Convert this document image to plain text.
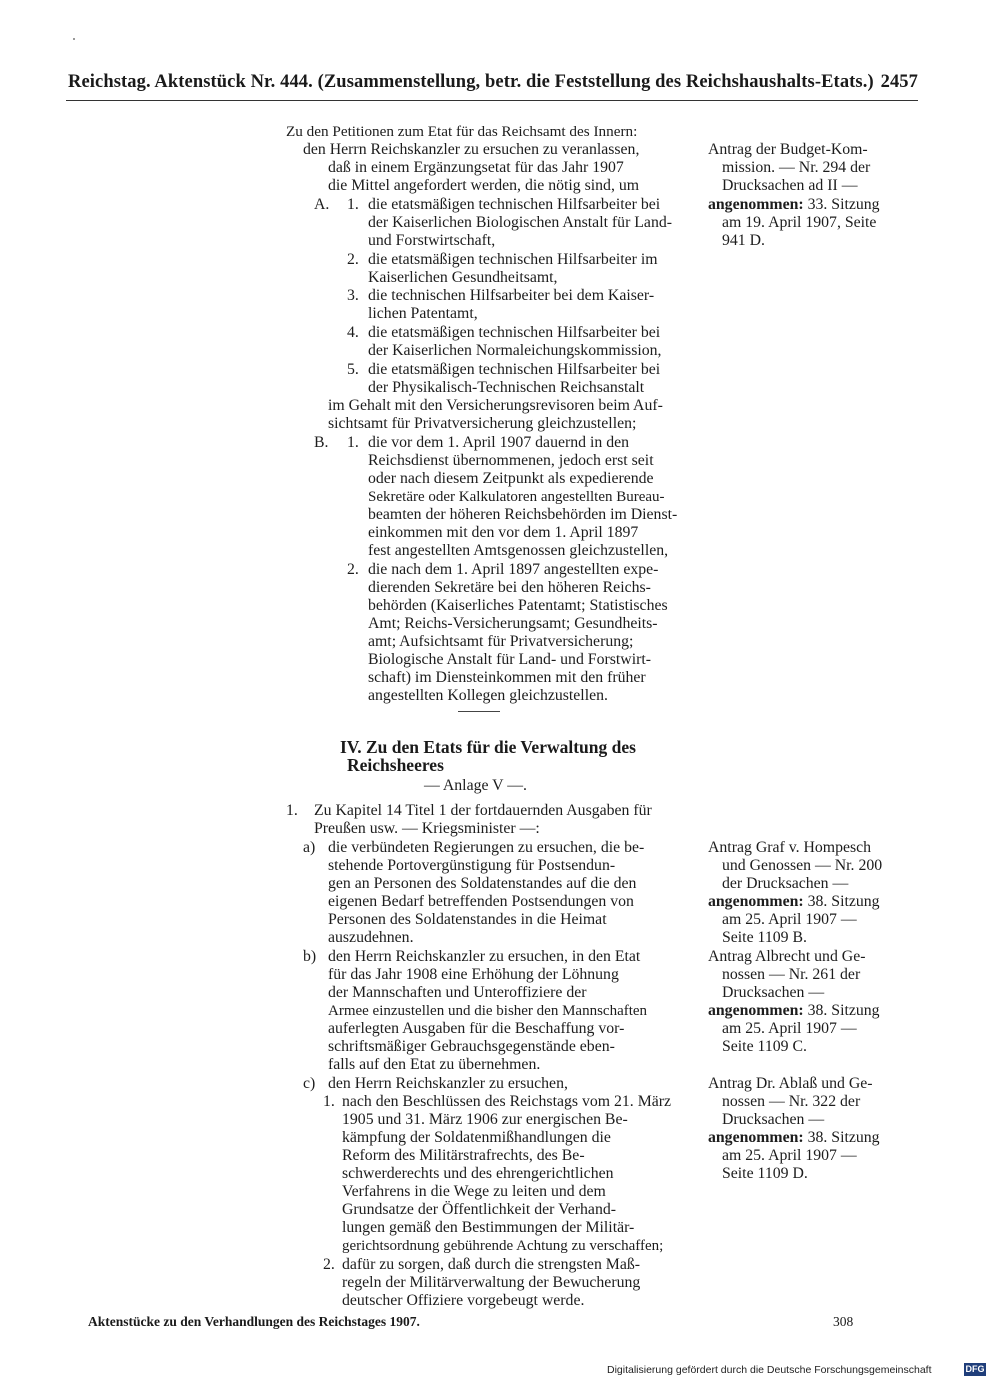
Reichstag. Aktenstück Nr. 444. (Zusammenstellung, betr. die Feststellung des Reichshaushalts-Etats.) 2457
Zu den Petitionen zum Etat für das Reichsamt des Innern:
den Herrn Reichskanzler zu ersuchen zu veranlassen,
daß in einem Ergänzungsetat für das Jahr 1907
die Mittel angefordert werden, die nötig sind, um
A. 1. die etatsmäßigen technischen Hilfsarbeiter bei
der Kaiserlichen Biologischen Anstalt für Land-
und Forstwirtschaft,
2. die etatsmäßigen technischen Hilfsarbeiter im
Kaiserlichen Gesundheitsamt,
3. die technischen Hilfsarbeiter bei dem Kaiser-
lichen Patentamt,
4. die etatsmäßigen technischen Hilfsarbeiter bei
der Kaiserlichen Normaleichungskommission,
5. die etatsmäßigen technischen Hilfsarbeiter bei
der Physikalisch-Technischen Reichsanstalt
im Gehalt mit den Versicherungsrevisoren beim Auf-
sichtsamt für Privatversicherung gleichzustellen;
B. 1. die vor dem 1. April 1907 dauernd in den
Reichsdienst übernommenen, jedoch erst seit
oder nach diesem Zeitpunkt als expedierende
Sekretäre oder Kalkulatoren angestellten Bureau-
beamten der höheren Reichsbehörden im Dienst-
einkommen mit den vor dem 1. April 1897
fest angestellten Amtsgenossen gleichzustellen,
2. die nach dem 1. April 1897 angestellten expe-
dierenden Sekretäre bei den höheren Reichs-
behörden (Kaiserliches Patentamt; Statistisches
Amt; Reichs-Versicherungsamt; Gesundheits-
amt; Aufsichtsamt für Privatversicherung;
Biologische Anstalt für Land- und Forstwirt-
schaft) im Diensteinkommen mit den früher
angestellten Kollegen gleichzustellen.
Antrag der Budget-Kom-
mission. — Nr. 294 der
Drucksachen ad II —
angenommen: 33. Sitzung
am 19. April 1907, Seite
941 D.
IV. Zu den Etats für die Verwaltung des
Reichsheeres
— Anlage V —.
1. Zu Kapitel 14 Titel 1 der fortdauernden Ausgaben für
Preußen usw. — Kriegsminister —:
a) die verbündeten Regierungen zu ersuchen, die be-
stehende Portovergünstigung für Postsendun-
gen an Personen des Soldatenstandes auf die den
eigenen Bedarf betreffenden Postsendungen von
Personen des Soldatenstandes in die Heimat
auszudehnen.
b) den Herrn Reichskanzler zu ersuchen, in den Etat
für das Jahr 1908 eine Erhöhung der Löhnung
der Mannschaften und Unteroffiziere der
Armee einzustellen und die bisher den Mannschaften
auferlegten Ausgaben für die Beschaffung vor-
schriftsmäßiger Gebrauchsgegenstände eben-
falls auf den Etat zu übernehmen.
c) den Herrn Reichskanzler zu ersuchen,
1. nach den Beschlüssen des Reichstags vom 21. März
1905 und 31. März 1906 zur energischen Be-
kämpfung der Soldatenmißhandlungen die
Reform des Militärstrafrechts, des Be-
schwerderechts und des ehrengerichtlichen
Verfahrens in die Wege zu leiten und dem
Grundsatze der Öffentlichkeit der Verhand-
lungen gemäß den Bestimmungen der Militär-
gerichtsordnung gebührende Achtung zu verschaffen;
2. dafür zu sorgen, daß durch die strengsten Maß-
regeln der Militärverwaltung der Bewucherung
deutscher Offiziere vorgebeugt werde.
Antrag Graf v. Hompesch
und Genossen — Nr. 200
der Drucksachen —
angenommen: 38. Sitzung
am 25. April 1907 —
Seite 1109 B.
Antrag Albrecht und Ge-
nossen — Nr. 261 der
Drucksachen —
angenommen: 38. Sitzung
am 25. April 1907 —
Seite 1109 C.
Antrag Dr. Ablaß und Ge-
nossen — Nr. 322 der
Drucksachen —
angenommen: 38. Sitzung
am 25. April 1907 —
Seite 1109 D.
Aktenstücke zu den Verhandlungen des Reichstages 1907.	308
Digitalisierung gefördert durch die Deutsche Forschungsgemeinschaft	DFG
